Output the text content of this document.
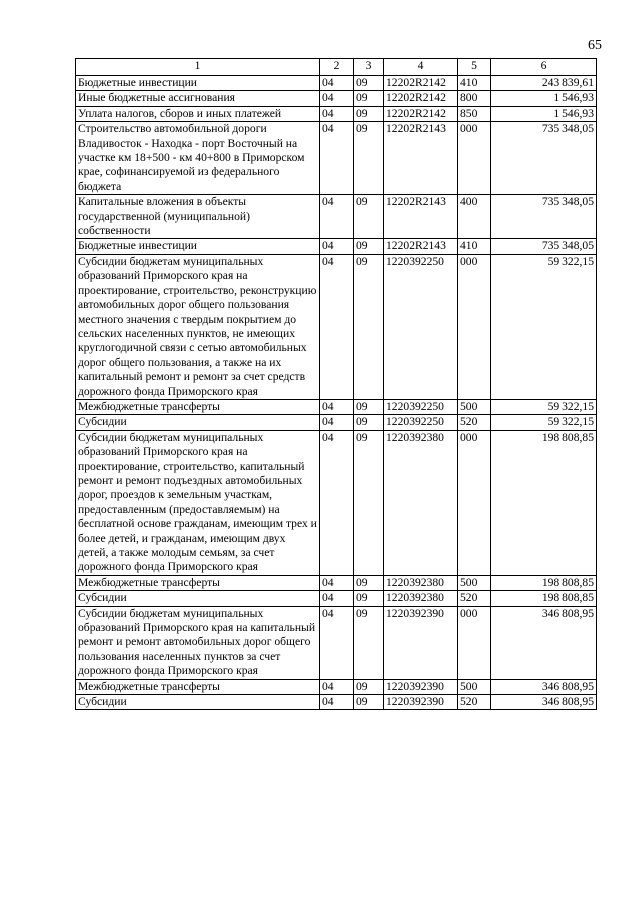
65
1	2	3	4	5	6
Бюджетные инвестиции	04	09	12202R2142	410	243 839,61
Иные бюджетные ассигнования	04	09	12202R2142	800	1 546,93
Уплата налогов, сборов и иных платежей	04	09	12202R2142	850	1 546,93
Строительство автомобильной дороги Владивосток - Находка - порт Восточный на участке км 18+500 - км 40+800 в Приморском крае, софинансируемой из федерального бюджета	04	09	12202R2143	000	735 348,05
Капитальные вложения в объекты государственной (муниципальной) собственности	04	09	12202R2143	400	735 348,05
Бюджетные инвестиции	04	09	12202R2143	410	735 348,05
Субсидии бюджетам муниципальных образований Приморского края на проектирование, строительство, реконструкцию автомобильных дорог общего пользования местного значения с твердым покрытием до сельских населенных пунктов, не имеющих круглогодичной связи с сетью автомобильных дорог общего пользования, а также на их капитальный ремонт и ремонт за счет средств дорожного фонда Приморского края	04	09	1220392250	000	59 322,15
Межбюджетные трансферты	04	09	1220392250	500	59 322,15
Субсидии	04	09	1220392250	520	59 322,15
Субсидии бюджетам муниципальных образований Приморского края на проектирование, строительство, капитальный ремонт и ремонт подъездных автомобильных дорог, проездов к земельным участкам, предоставленным (предоставляемым) на бесплатной основе гражданам, имеющим трех и более детей, и гражданам, имеющим двух детей, а также молодым семьям, за счет дорожного фонда Приморского края	04	09	1220392380	000	198 808,85
Межбюджетные трансферты	04	09	1220392380	500	198 808,85
Субсидии	04	09	1220392380	520	198 808,85
Субсидии бюджетам муниципальных образований Приморского края на капитальный ремонт и ремонт автомобильных дорог общего пользования населенных пунктов за счет дорожного фонда Приморского края	04	09	1220392390	000	346 808,95
Межбюджетные трансферты	04	09	1220392390	500	346 808,95
Субсидии	04	09	1220392390	520	346 808,95
